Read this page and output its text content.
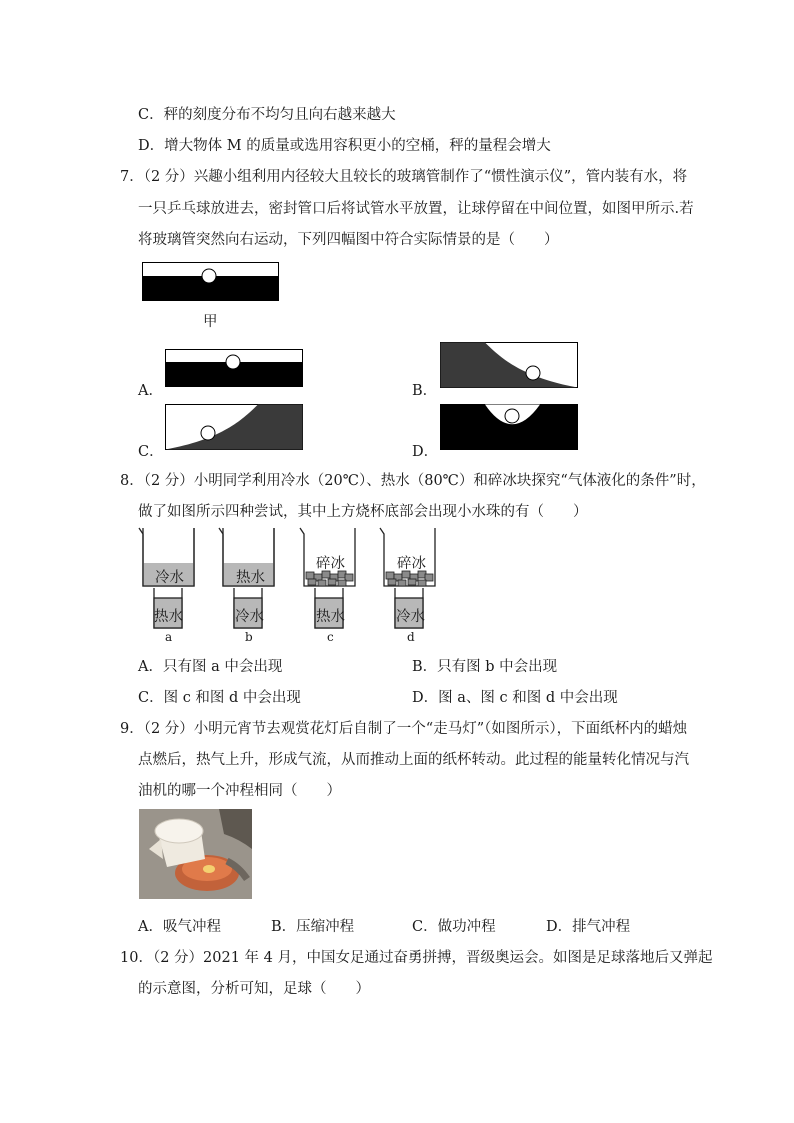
C．秤的刻度分布不均匀且向右越来越大
D．增大物体 M 的质量或选用容积更小的空桶，秤的量程会增大
7．（2 分）兴趣小组利用内径较大且较长的玻璃管制作了“惯性演示仪”，管内装有水，将
一只乒乓球放进去，密封管口后将试管水平放置，让球停留在中间位置，如图甲所示.若
将玻璃管突然向右运动，下列四幅图中符合实际情景的是（　　）
甲
A．	B．
C．	D．
8．（2 分）小明同学利用冷水（20℃）、热水（80℃）和碎冰块探究“气体液化的条件”时，
做了如图所示四种尝试，其中上方烧杯底部会出现小水珠的有（　　）
冷水
热水
a
热水
冷水
b
碎冰
热水
c
碎冰
冷水
d
A．只有图 a 中会出现	B．只有图 b 中会出现
C．图 c 和图 d 中会出现	D．图 a、图 c 和图 d 中会出现
9．（2 分）小明元宵节去观赏花灯后自制了一个“走马灯”（如图所示），下面纸杯内的蜡烛
点燃后，热气上升，形成气流，从而推动上面的纸杯转动。此过程的能量转化情况与汽
油机的哪一个冲程相同（　　）
A．吸气冲程	B．压缩冲程	C．做功冲程	D．排气冲程
10．（2 分）2021 年 4 月，中国女足通过奋勇拼搏，晋级奥运会。如图是足球落地后又弹起
的示意图，分析可知，足球（　　）
